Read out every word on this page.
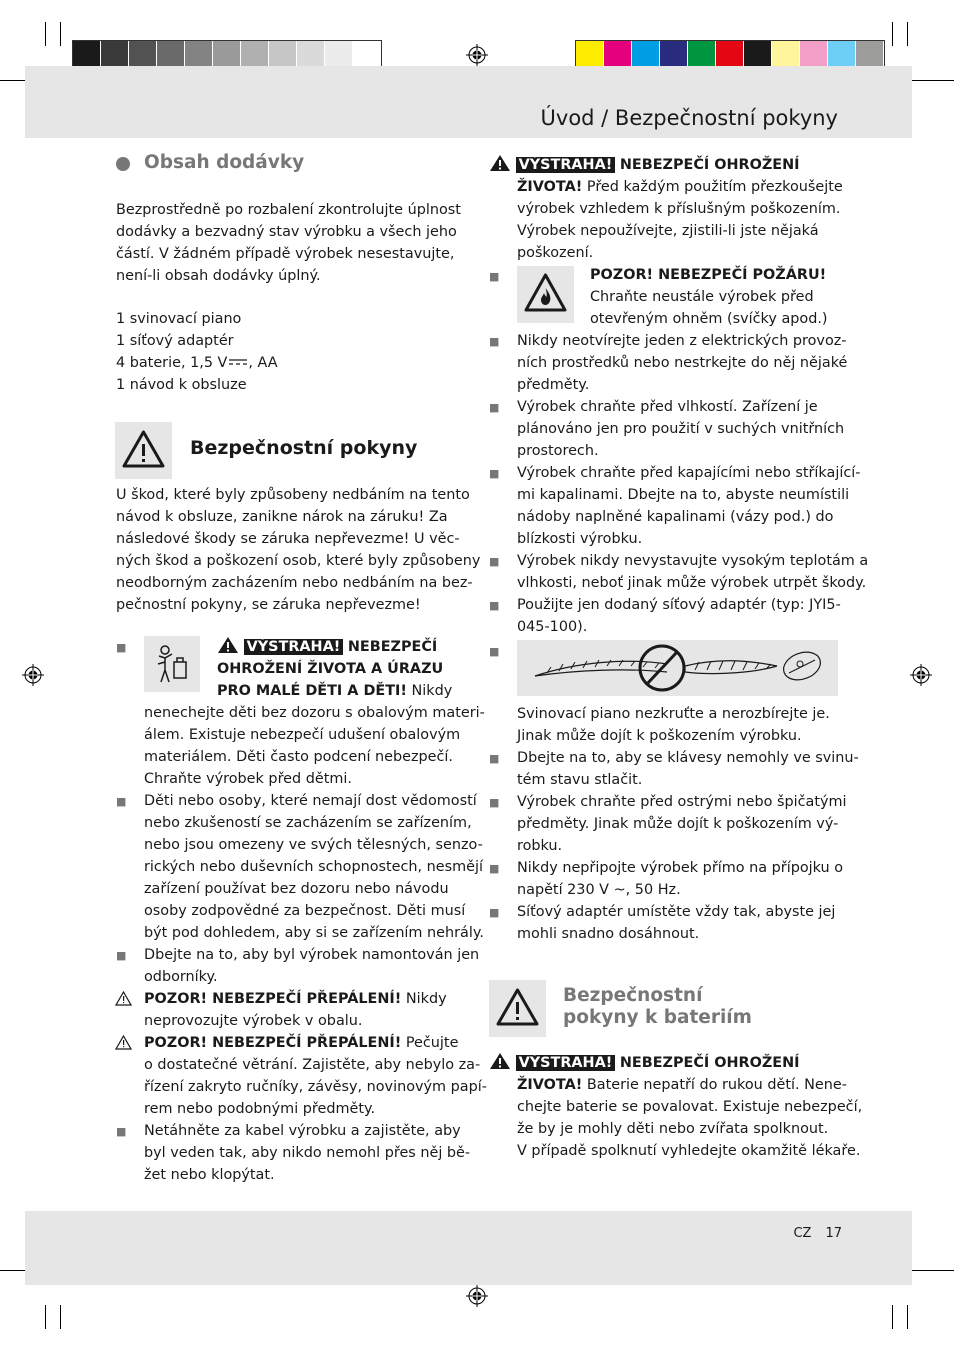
Úvod / Bezpečnostní pokyny
CZ 17
Obsah dodávky
Bezprostředně po rozbalení zkontrolujte úplnost
dodávky a bezvadný stav výrobku a všech jeho
částí. V žádném případě výrobek nesestavujte,
není-li obsah dodávky úplný.
1 svinovací piano
1 síťový adaptér
4 baterie, 1,5 V , AA
1 návod k obsluze
Bezpečnostní pokyny
U škod, které byly způsobeny nedbáním na tento
návod k obsluze, zanikne nárok na záruku! Za
následové škody se záruka nepřevezme! U věc-
ných škod a poškození osob, které byly způsobeny
neodborným zacházením nebo nedbáním na bez-
pečnostní pokyny, se záruka nepřevezme!
■
VÝSTRAHA! NEBEZPEČÍ
OHROŽENÍ ŽIVOTA A ÚRAZU
PRO MALÉ DĚTI A DĚTI! Nikdy
nenechejte děti bez dozoru s obalovým materi-
álem. Existuje nebezpečí udušení obalovým
materiálem. Děti často podcení nebezpečí.
Chraňte výrobek před dětmi.
■
Děti nebo osoby, které nemají dost vědomostí
nebo zkušeností se zacházením se zařízením,
nebo jsou omezeny ve svých tělesných, senzo-
rických nebo duševních schopnostech, nesmějí
zařízení používat bez dozoru nebo návodu
osoby zodpovědné za bezpečnost. Děti musí
být pod dohledem, aby si se zařízením nehrály.
■
Dbejte na to, aby byl výrobek namontován jen
odborníky.
POZOR! NEBEZPEČÍ PŘEPÁLENÍ! Nikdy
neprovozujte výrobek v obalu.
POZOR! NEBEZPEČÍ PŘEPÁLENÍ! Pečujte
o dostatečné větrání. Zajistěte, aby nebylo za-
řízení zakryto ručníky, závěsy, novinovým papí-
rem nebo podobnými předměty.
■
Netáhněte za kabel výrobku a zajistěte, aby
byl veden tak, aby nikdo nemohl přes něj bě-
žet nebo klopýtat.
VÝSTRAHA! NEBEZPEČÍ OHROŽENÍ
ŽIVOTA! Před každým použitím přezkoušejte
výrobek vzhledem k příslušným poškozením.
Výrobek nepoužívejte, zjistili-li jste nějaká
poškození.
■
POZOR! NEBEZPEČÍ POŽÁRU!
Chraňte neustále výrobek před
otevřeným ohněm (svíčky apod.)
■
Nikdy neotvírejte jeden z elektrických provoz-
ních prostředků nebo nestrkejte do něj nějaké
předměty.
■
Výrobek chraňte před vlhkostí. Zařízení je
plánováno jen pro použití v suchých vnitřních
prostorech.
■
Výrobek chraňte před kapajícími nebo stříkající-
mi kapalinami. Dbejte na to, abyste neumístili
nádoby naplněné kapalinami (vázy pod.) do
blízkosti výrobku.
■
Výrobek nikdy nevystavujte vysokým teplotám a
vlhkosti, neboť jinak může výrobek utrpět škody.
■
Použijte jen dodaný síťový adaptér (typ: JYI5-
045-100).
■
Svinovací piano nezkruťte a nerozbírejte je.
Jinak může dojít k poškozením výrobku.
■
Dbejte na to, aby se klávesy nemohly ve svinu-
tém stavu stlačit.
■
Výrobek chraňte před ostrými nebo špičatými
předměty. Jinak může dojít k poškozením vý-
robku.
■
Nikdy nepřipojte výrobek přímo na přípojku o
napětí 230 V ~, 50 Hz.
■
Síťový adaptér umístěte vždy tak, abyste jej
mohli snadno dosáhnout.
Bezpečnostní
pokyny k bateriím
VÝSTRAHA! NEBEZPEČÍ OHROŽENÍ
ŽIVOTA! Baterie nepatří do rukou dětí. Nene-
chejte baterie se povalovat. Existuje nebezpečí,
že by je mohly děti nebo zvířata spolknout.
V případě spolknutí vyhledejte okamžitě lékaře.
